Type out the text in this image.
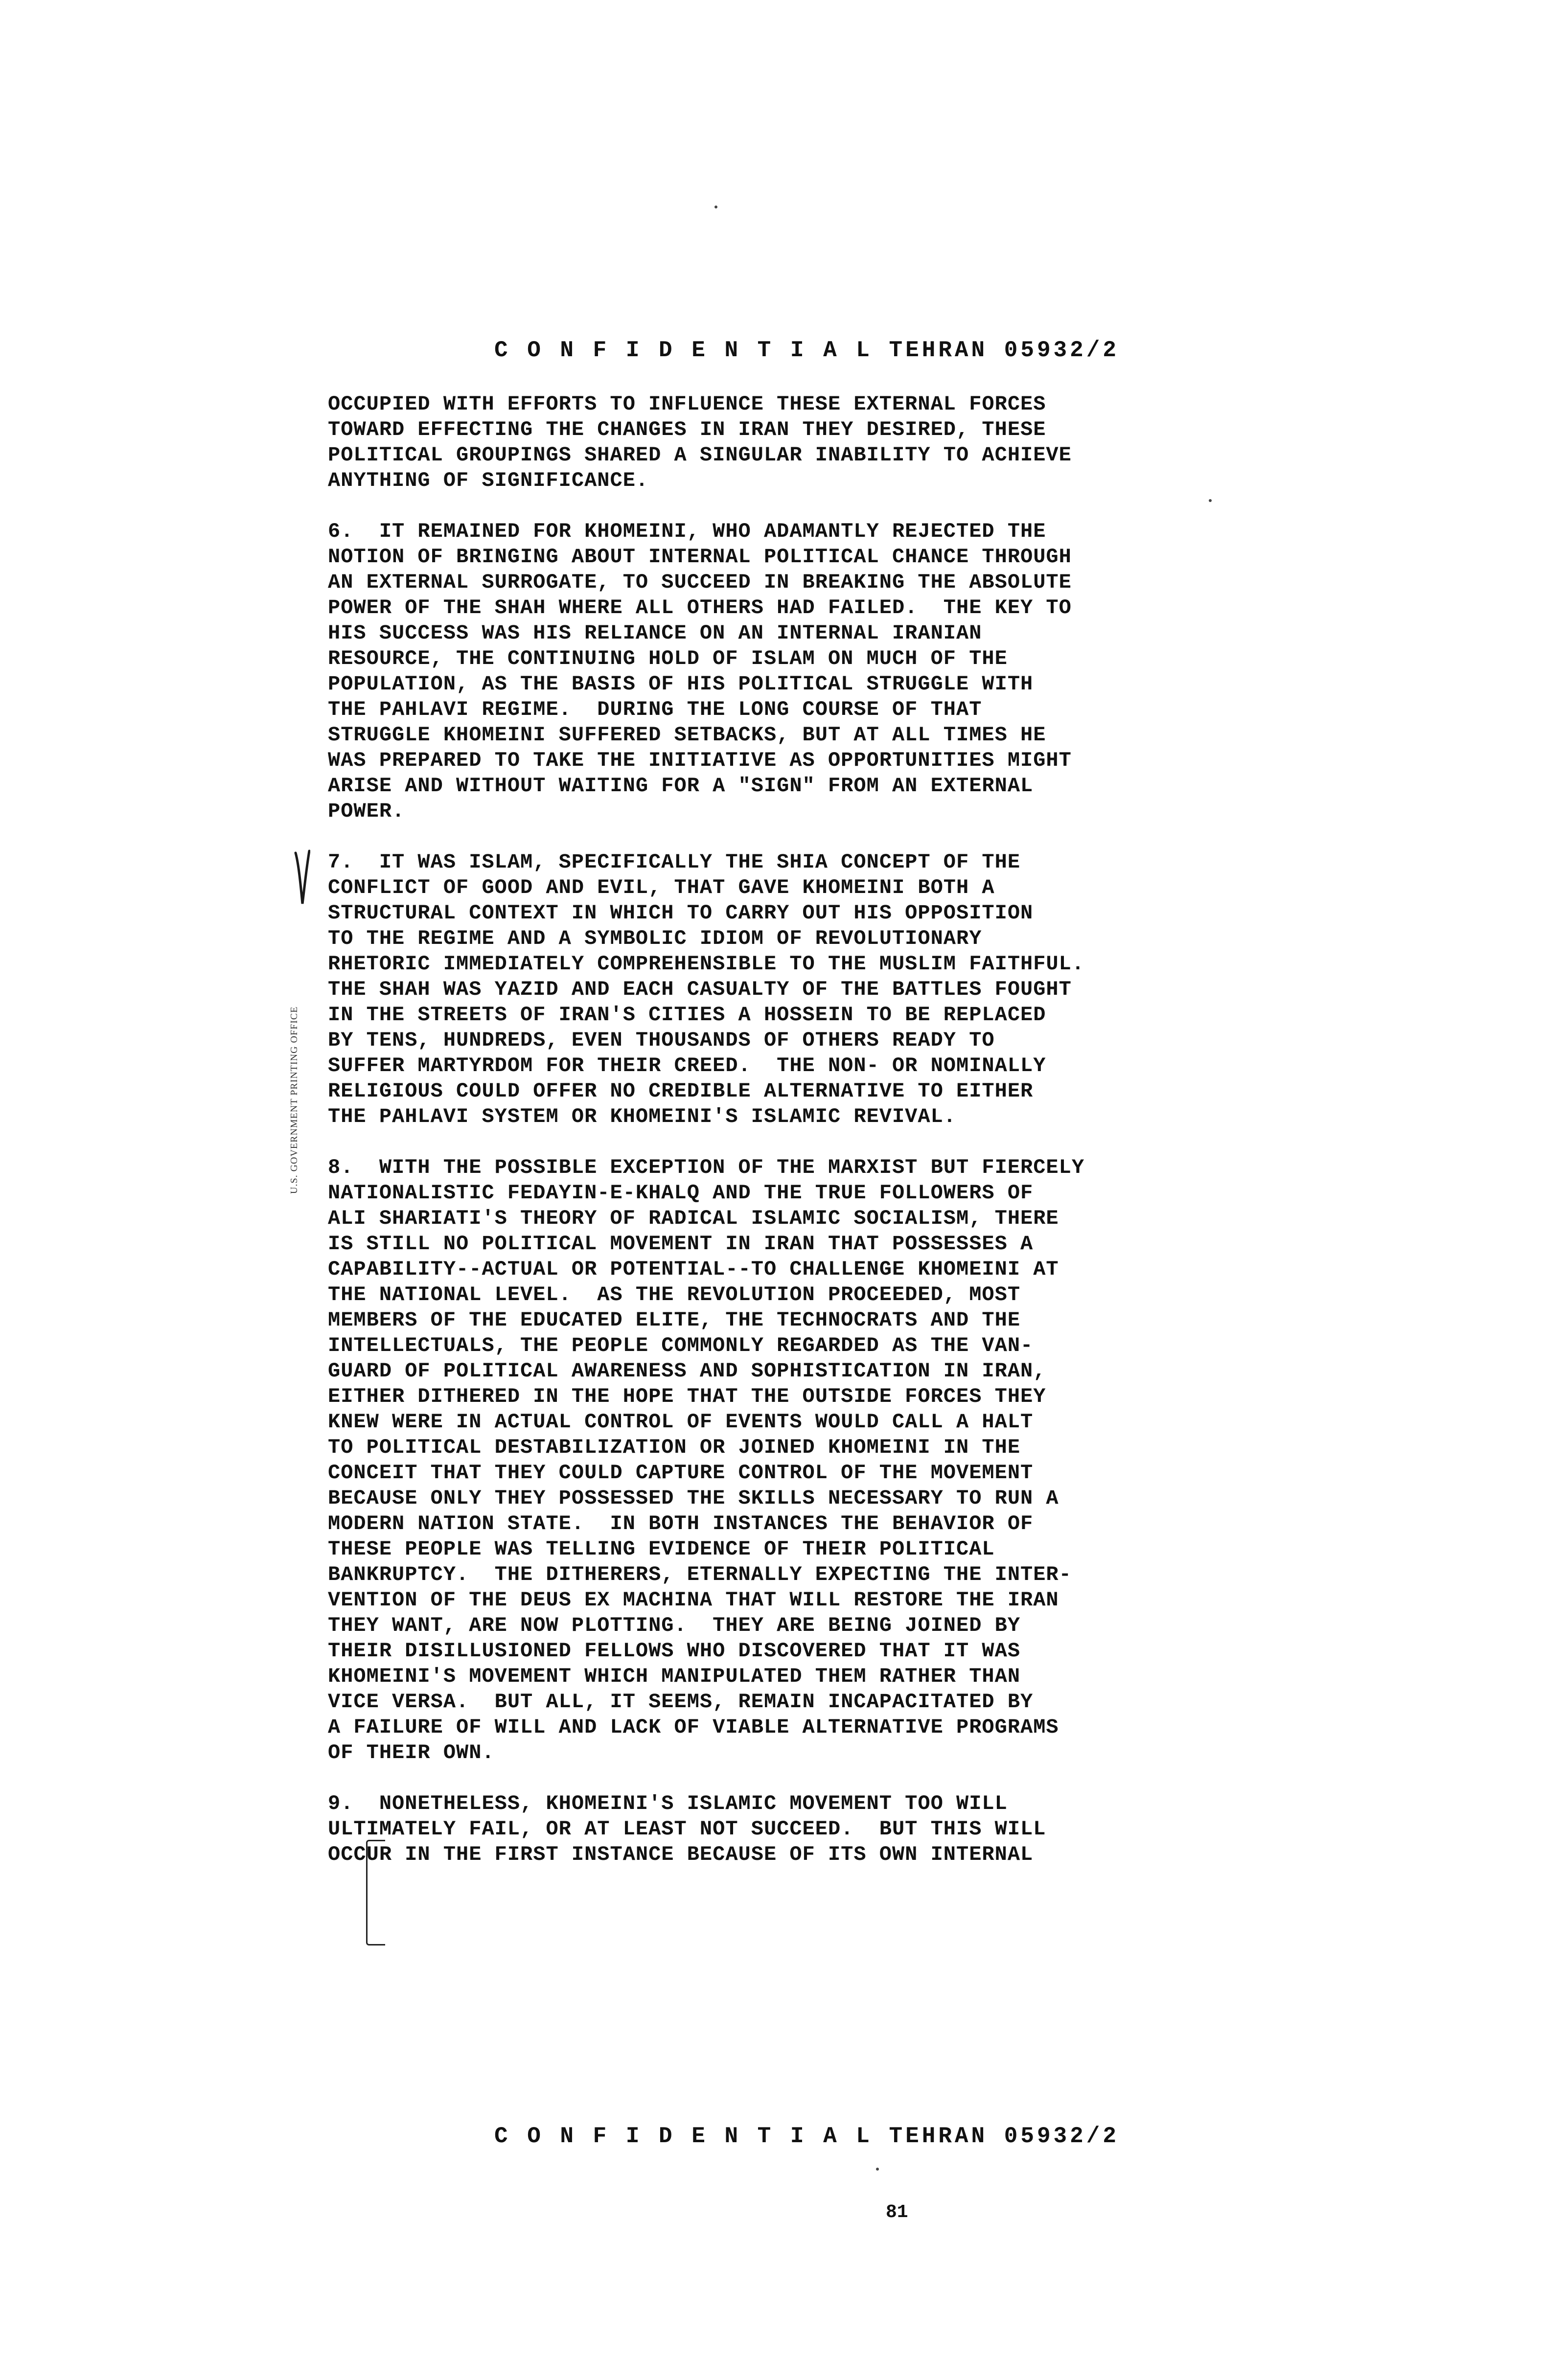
C O N F I D E N T I A L TEHRAN 05932/2
OCCUPIED WITH EFFORTS TO INFLUENCE THESE EXTERNAL FORCES
TOWARD EFFECTING THE CHANGES IN IRAN THEY DESIRED, THESE
POLITICAL GROUPINGS SHARED A SINGULAR INABILITY TO ACHIEVE
ANYTHING OF SIGNIFICANCE.
6.  IT REMAINED FOR KHOMEINI, WHO ADAMANTLY REJECTED THE
NOTION OF BRINGING ABOUT INTERNAL POLITICAL CHANCE THROUGH
AN EXTERNAL SURROGATE, TO SUCCEED IN BREAKING THE ABSOLUTE
POWER OF THE SHAH WHERE ALL OTHERS HAD FAILED.  THE KEY TO
HIS SUCCESS WAS HIS RELIANCE ON AN INTERNAL IRANIAN
RESOURCE, THE CONTINUING HOLD OF ISLAM ON MUCH OF THE
POPULATION, AS THE BASIS OF HIS POLITICAL STRUGGLE WITH
THE PAHLAVI REGIME.  DURING THE LONG COURSE OF THAT
STRUGGLE KHOMEINI SUFFERED SETBACKS, BUT AT ALL TIMES HE
WAS PREPARED TO TAKE THE INITIATIVE AS OPPORTUNITIES MIGHT
ARISE AND WITHOUT WAITING FOR A "SIGN" FROM AN EXTERNAL
POWER.
7.  IT WAS ISLAM, SPECIFICALLY THE SHIA CONCEPT OF THE
CONFLICT OF GOOD AND EVIL, THAT GAVE KHOMEINI BOTH A
STRUCTURAL CONTEXT IN WHICH TO CARRY OUT HIS OPPOSITION
TO THE REGIME AND A SYMBOLIC IDIOM OF REVOLUTIONARY
RHETORIC IMMEDIATELY COMPREHENSIBLE TO THE MUSLIM FAITHFUL.
THE SHAH WAS YAZID AND EACH CASUALTY OF THE BATTLES FOUGHT
IN THE STREETS OF IRAN'S CITIES A HOSSEIN TO BE REPLACED
BY TENS, HUNDREDS, EVEN THOUSANDS OF OTHERS READY TO
SUFFER MARTYRDOM FOR THEIR CREED.  THE NON- OR NOMINALLY
RELIGIOUS COULD OFFER NO CREDIBLE ALTERNATIVE TO EITHER
THE PAHLAVI SYSTEM OR KHOMEINI'S ISLAMIC REVIVAL.
8.  WITH THE POSSIBLE EXCEPTION OF THE MARXIST BUT FIERCELY
NATIONALISTIC FEDAYIN-E-KHALQ AND THE TRUE FOLLOWERS OF
ALI SHARIATI'S THEORY OF RADICAL ISLAMIC SOCIALISM, THERE
IS STILL NO POLITICAL MOVEMENT IN IRAN THAT POSSESSES A
CAPABILITY--ACTUAL OR POTENTIAL--TO CHALLENGE KHOMEINI AT
THE NATIONAL LEVEL.  AS THE REVOLUTION PROCEEDED, MOST
MEMBERS OF THE EDUCATED ELITE, THE TECHNOCRATS AND THE
INTELLECTUALS, THE PEOPLE COMMONLY REGARDED AS THE VAN-
GUARD OF POLITICAL AWARENESS AND SOPHISTICATION IN IRAN,
EITHER DITHERED IN THE HOPE THAT THE OUTSIDE FORCES THEY
KNEW WERE IN ACTUAL CONTROL OF EVENTS WOULD CALL A HALT
TO POLITICAL DESTABILIZATION OR JOINED KHOMEINI IN THE
CONCEIT THAT THEY COULD CAPTURE CONTROL OF THE MOVEMENT
BECAUSE ONLY THEY POSSESSED THE SKILLS NECESSARY TO RUN A
MODERN NATION STATE.  IN BOTH INSTANCES THE BEHAVIOR OF
THESE PEOPLE WAS TELLING EVIDENCE OF THEIR POLITICAL
BANKRUPTCY.  THE DITHERERS, ETERNALLY EXPECTING THE INTER-
VENTION OF THE DEUS EX MACHINA THAT WILL RESTORE THE IRAN
THEY WANT, ARE NOW PLOTTING.  THEY ARE BEING JOINED BY
THEIR DISILLUSIONED FELLOWS WHO DISCOVERED THAT IT WAS
KHOMEINI'S MOVEMENT WHICH MANIPULATED THEM RATHER THAN
VICE VERSA.  BUT ALL, IT SEEMS, REMAIN INCAPACITATED BY
A FAILURE OF WILL AND LACK OF VIABLE ALTERNATIVE PROGRAMS
OF THEIR OWN.
9.  NONETHELESS, KHOMEINI'S ISLAMIC MOVEMENT TOO WILL
ULTIMATELY FAIL, OR AT LEAST NOT SUCCEED.  BUT THIS WILL
OCCUR IN THE FIRST INSTANCE BECAUSE OF ITS OWN INTERNAL
U.S. GOVERNMENT PRINTING OFFICE
C O N F I D E N T I A L TEHRAN 05932/2
81
